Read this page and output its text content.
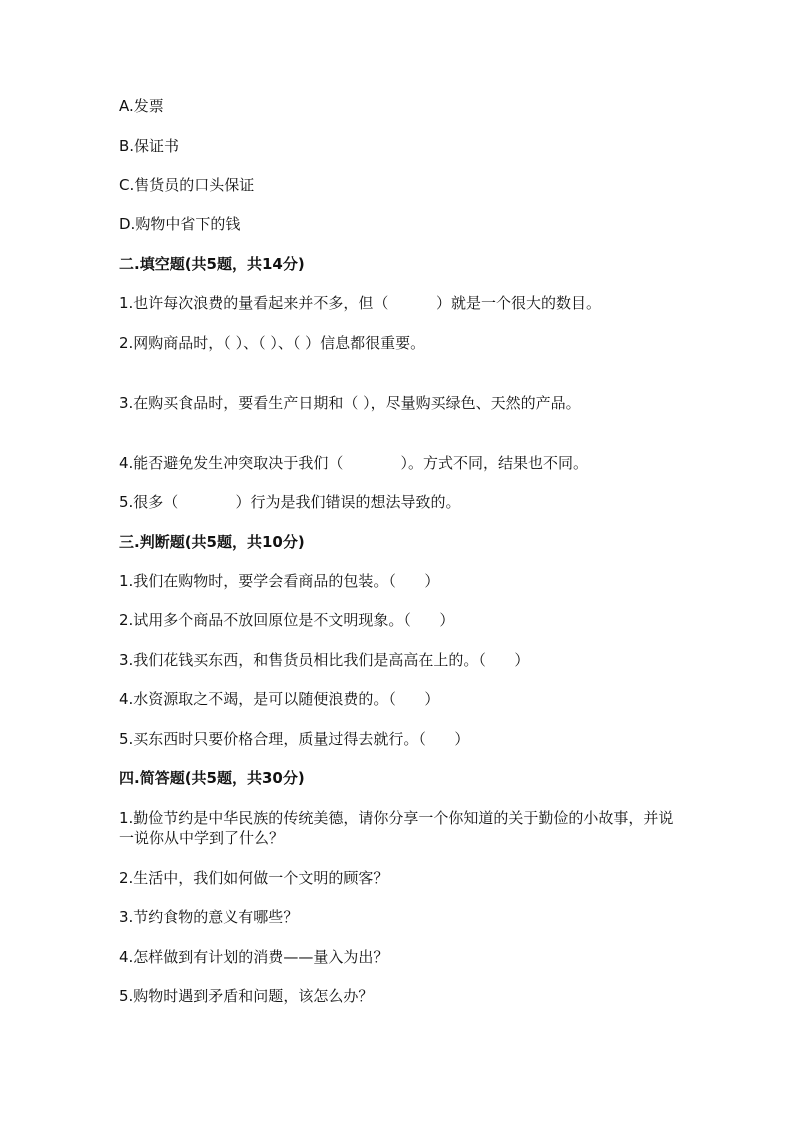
A.发票
B.保证书
C.售货员的口头保证
D.购物中省下的钱
二.填空题(共5题，共14分)
1.也许每次浪费的量看起来并不多，但（          ）就是一个很大的数目。
2.网购商品时，（ ）、（ ）、（ ）信息都很重要。
3.在购买食品时，要看生产日期和（ ），尽量购买绿色、天然的产品。
4.能否避免发生冲突取决于我们（            ）。方式不同，结果也不同。
5.很多（            ）行为是我们错误的想法导致的。
三.判断题(共5题，共10分)
1.我们在购物时，要学会看商品的包装。（      ）
2.试用多个商品不放回原位是不文明现象。（      ）
3.我们花钱买东西，和售货员相比我们是高高在上的。（      ）
4.水资源取之不竭，是可以随便浪费的。（      ）
5.买东西时只要价格合理，质量过得去就行。（      ）
四.简答题(共5题，共30分)
1.勤俭节约是中华民族的传统美德，请你分享一个你知道的关于勤俭的小故事，并说一说你从中学到了什么？
2.生活中，我们如何做一个文明的顾客？
3.节约食物的意义有哪些？
4.怎样做到有计划的消费——量入为出？
5.购物时遇到矛盾和问题，该怎么办？
